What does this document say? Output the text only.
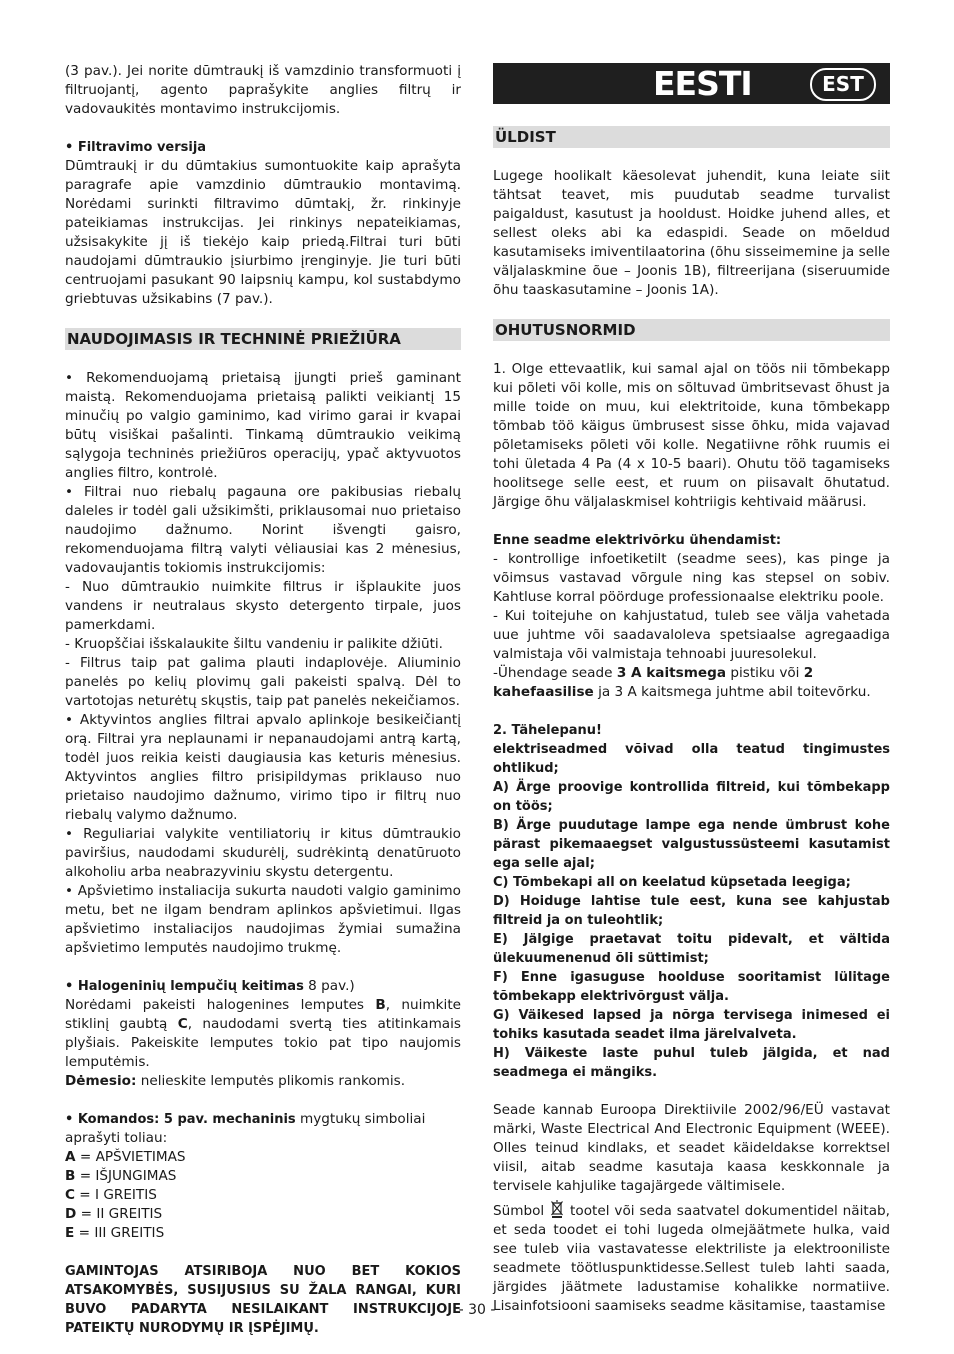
(3 pav.). Jei norite dūmtraukį iš vamzdinio transformuoti į filtruojantį, agento paprašykite anglies filtrų ir vadovaukitės montavimo instrukcijomis.

• Filtravimo versija

Dūmtraukį ir du dūmtakius sumontuokite kaip aprašyta paragrafe apie vamzdinio dūmtraukio montavimą. Norėdami surinkti filtravimo dūmtakį, žr. rinkinyje pateikiamas instrukcijas. Jei rinkinys nepateikiamas, užsisakykite jį iš tiekėjo kaip priedą.Filtrai turi būti naudojami dūmtraukio įsiurbimo įrenginyje. Jie turi būti centruojami pasukant 90 laipsnių kampu, kol sustabdymo griebtuvas užsikabins (7 pav.).

NAUDOJIMASIS IR TECHNINĖ PRIEŽIŪRA

• Rekomenduojamą prietaisą įjungti prieš gaminant maistą. Rekomenduojama prietaisą palikti veikiantį 15 minučių po valgio gaminimo, kad virimo garai ir kvapai būtų visiškai pašalinti. Tinkamą dūmtraukio veikimą sąlygoja techninės priežiūros operacijų, ypač aktyvuotos anglies filtro, kontrolė.

• Filtrai nuo riebalų pagauna ore pakibusias riebalų daleles ir todėl gali užsikimšti, priklausomai nuo prietaiso naudojimo dažnumo. Norint išvengti gaisro, rekomenduojama filtrą valyti vėliausiai kas 2 mėnesius, vadovaujantis tokiomis instrukcijomis:

- Nuo dūmtraukio nuimkite filtrus ir išplaukite juos vandens ir neutralaus skysto detergento tirpale, juos pamerkdami.

- Kruopščiai išskalaukite šiltu vandeniu ir palikite džiūti.

- Filtrus taip pat galima plauti indaplovėje. Aliuminio panelės po kelių plovimų gali pakeisti spalvą. Dėl to vartotojas neturėtų skųstis, taip pat panelės nekeičiamos.

• Aktyvintos anglies filtrai apvalo aplinkoje besikeičiantį orą. Filtrai yra neplaunami ir nepanaudojami antrą kartą, todėl juos reikia keisti daugiausia kas keturis mėnesius. Aktyvintos anglies filtro prisipildymas priklauso nuo prietaiso naudojimo dažnumo, virimo tipo ir filtrų nuo riebalų valymo dažnumo.

• Reguliariai valykite ventiliatorių ir kitus dūmtraukio paviršius, naudodami skudurėlį, sudrėkintą denatūruoto alkoholiu arba neabrazyviniu skystu detergentu.

• Apšvietimo instaliacija sukurta naudoti valgio gaminimo metu, bet ne ilgam bendram aplinkos apšvietimui. Ilgas apšvietimo instaliacijos naudojimas žymiai sumažina apšvietimo lemputės naudojimo trukmę.

• Halogeninių lempučių keitimas 8 pav.)

Norėdami pakeisti halogenines lemputes B, nuimkite stiklinį gaubtą C, naudodami svertą ties atitinkamais plyšiais. Pakeiskite lemputes tokio pat tipo naujomis lemputėmis.

Dėmesio: nelieskite lemputės plikomis rankomis.

• Komandos: 5 pav. mechaninis mygtukų simboliai aprašyti toliau:

A = APŠVIETIMAS

B = IŠJUNGIMAS

C = I GREITIS

D = II GREITIS

E = III GREITIS

GAMINTOJAS ATSIRIBOJA NUO BET KOKIOS ATSAKOMYBĖS, SUSIJUSIUS SU ŽALA RANGAI, KURI BUVO PADARYTA NESILAIKANT INSTRUKCIJOJE PATEIKTŲ NURODYMŲ IR ĮSPĖJIMŲ.

EESTI	EST
ÜLDIST

Lugege hoolikalt käesolevat juhendit, kuna leiate siit tähtsat teavet, mis puudutab seadme turvalist paigaldust, kasutust ja hooldust. Hoidke juhend alles, et sellest oleks abi ka edaspidi. Seade on mõeldud kasutamiseks imiventilaatorina (õhu sisseimemine ja selle väljalaskmine õue – Joonis 1B), filtreerijana (siseruumide õhu taaskasutamine – Joonis 1A).

OHUTUSNORMID

1. Olge ettevaatlik, kui samal ajal on töös nii tõmbekapp kui põleti või kolle, mis on sõltuvad ümbritsevast õhust ja mille toide on muu, kui elektritoide, kuna tõmbekapp tõmbab töö käigus ümbrusest sisse õhku, mida vajavad põletamiseks põleti või kolle. Negatiivne rõhk ruumis ei tohi ületada 4 Pa (4 x 10-5 baari). Ohutu töö tagamiseks hoolitsege selle eest, et ruum on piisavalt õhutatud. Järgige õhu väljalaskmisel kohtriigis kehtivaid määrusi.

Enne seadme elektrivõrku ühendamist:

- kontrollige infoetiketilt (seadme sees), kas pinge ja võimsus vastavad võrgule ning kas stepsel on sobiv. Kahtluse korral pöörduge professionaalse elektriku poole.

- Kui toitejuhe on kahjustatud, tuleb see välja vahetada uue juhtme või saadavaloleva spetsiaalse agregaadiga valmistaja või valmistaja tehnoabi juuresolekul.

-Ühendage seade 3 A kaitsmega pistiku või 2 kahefaasilise ja 3 A kaitsmega juhtme abil toitevõrku.

2. Tähelepanu!

elektriseadmed võivad olla teatud tingimustes ohtlikud;

A) Ärge proovige kontrollida filtreid, kui tõmbekapp on töös;

B) Ärge puudutage lampe ega nende ümbrust kohe pärast pikemaaegset valgustussüsteemi kasutamist ega selle ajal;

C) Tõmbekapi all on keelatud küpsetada leegiga;

D) Hoiduge lahtise tule eest, kuna see kahjustab filtreid ja on tuleohtlik;

E) Jälgige praetavat toitu pidevalt, et vältida ülekuumenenud õli süttimist;

F) Enne igasuguse hoolduse sooritamist lülitage tõmbekapp elektrivõrgust välja.

G) Väikesed lapsed ja nõrga tervisega inimesed ei tohiks kasutada seadet ilma järelvalveta.

H) Väikeste laste puhul tuleb jälgida, et nad seadmega ei mängiks.

Seade kannab Euroopa Direktiivile 2002/96/EÜ vastavat märki, Waste Electrical And Electronic Equipment (WEEE). Olles teinud kindlaks, et seadet käideldakse korrektsel viisil, aitab seadme kasutaja kaasa keskkonnale ja tervisele kahjulike tagajärgede vältimisele.

Sümbol  tootel või seda saatvatel dokumentidel näitab, et seda toodet ei tohi lugeda olmejäätmete hulka, vaid see tuleb viia vastavatesse elektriliste ja elektrooniliste seadmete töötluspunktidesse.Sellest tuleb lahti saada, järgides jäätmete ladustamise kohalikke normatiive. Lisainfotsiooni saamiseks seadme käsitamise, taastamise

- 30 -
